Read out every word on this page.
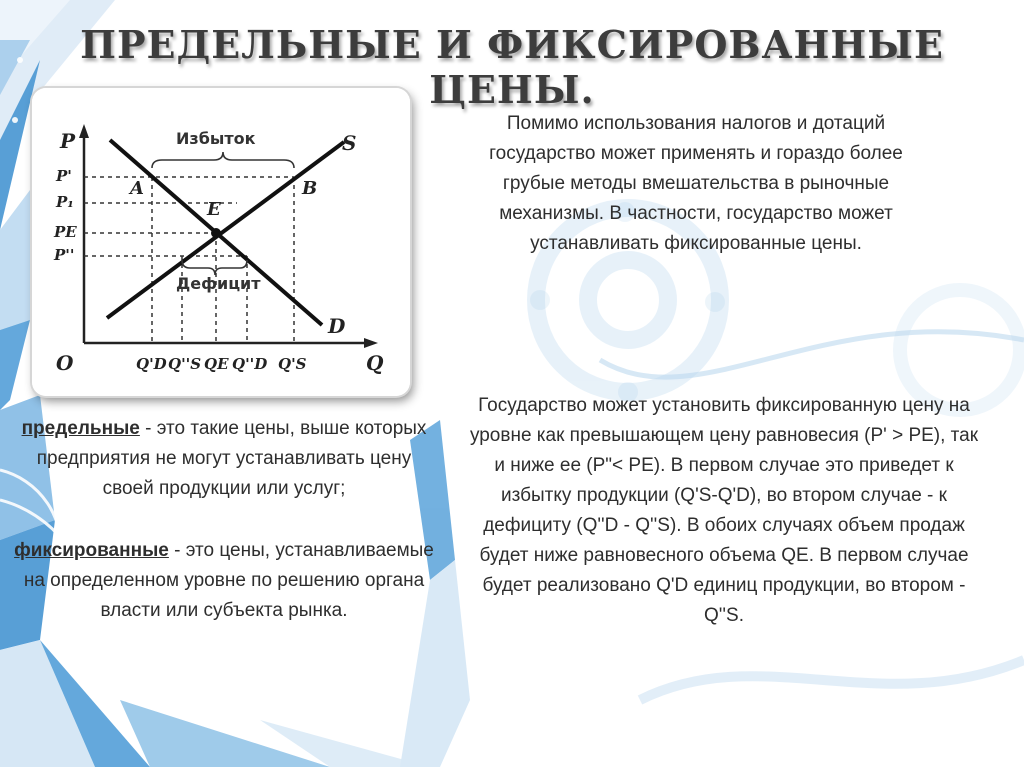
ПРЕДЕЛЬНЫЕ И ФИКСИРОВАННЫЕ ЦЕНЫ.
P
Q
O
S
D
A	B
E
Избыток
Дефицит
P'
P₁
PE
P''
Q'D Q''S QE Q''D Q'S
Помимо использования налогов и дотаций государство может применять и гораздо более грубые методы вмешательства в рыночные механизмы. В частности, государство может устанавливать фиксированные цены.

предельные - это такие цены, выше которых предприятия не могут устанавливать цену своей продукции или услуг;

фиксированные - это цены, устанавливаемые на определенном уровне по решению органа власти или субъекта рынка.

Государство может установить фиксированную цену на уровне как превышающем цену равновесия (P' > PE), так и ниже ее (P"< PE). В первом случае это приведет к избытку продукции (Q'S-Q'D), во втором случае - к дефициту (Q''D - Q''S). В обоих случаях объем продаж будет ниже равновесного объема QE. В первом случае будет реализовано Q'D единиц продукции, во втором - Q''S.
